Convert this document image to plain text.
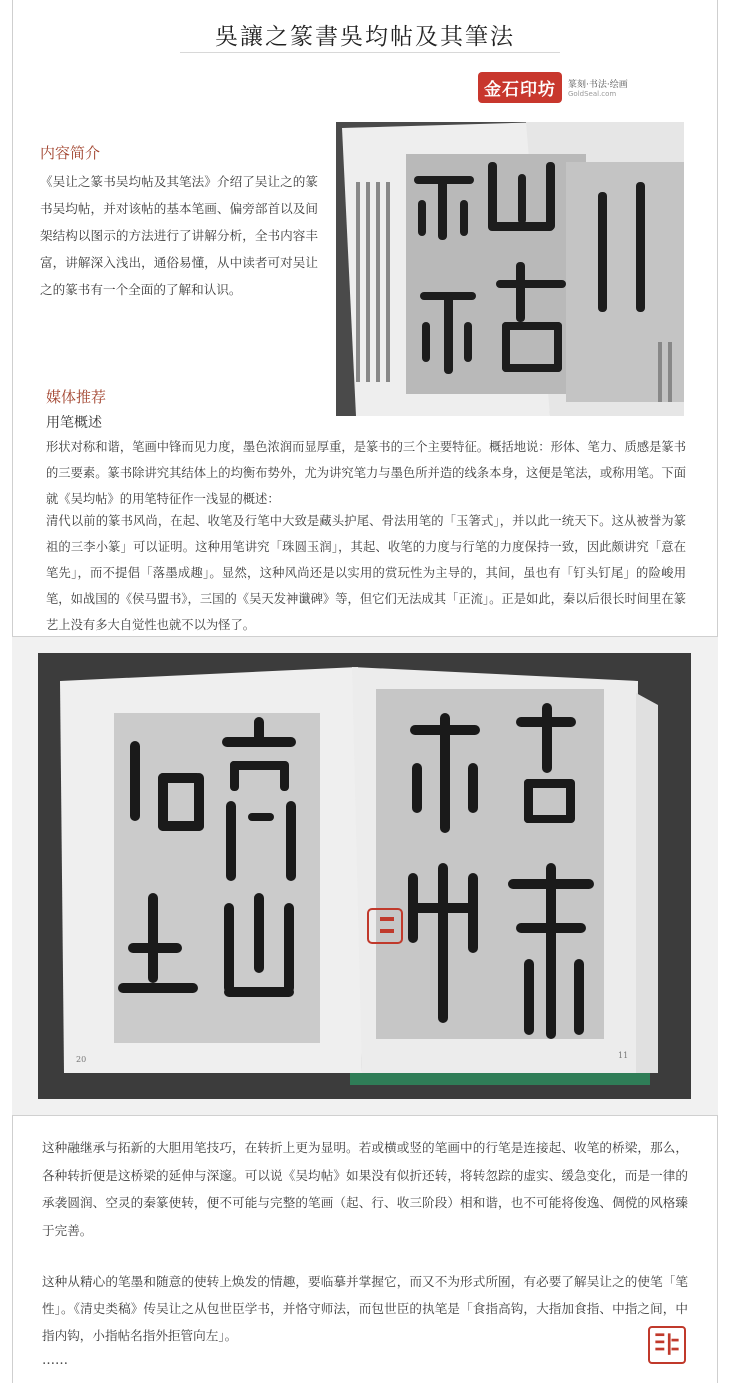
吳讓之篆書吳均帖及其筆法
金石印坊	篆刻·书法·绘画
GoldSeal.com
内容简介
《吴让之篆书吴均帖及其笔法》介绍了吴让之的篆书吴均帖，并对该帖的基本笔画、偏旁部首以及间架结构以图示的方法进行了讲解分析，全书内容丰富，讲解深入浅出，通俗易懂，从中读者可对吴让之的篆书有一个全面的了解和认识。
媒体推荐
用笔概述
形状对称和谐，笔画中锋而见力度，墨色浓润而显厚重，是篆书的三个主要特征。概括地说：形体、笔力、质感是篆书的三要素。篆书除讲究其结体上的均衡布势外，尤为讲究笔力与墨色所并造的线条本身，这便是笔法，或称用笔。下面就《吴均帖》的用笔特征作一浅显的概述：
清代以前的篆书风尚，在起、收笔及行笔中大致是藏头护尾、骨法用笔的「玉箸式」，并以此一统天下。这从被誉为篆祖的三李小篆」可以证明。这种用笔讲究「珠圆玉润」，其起、收笔的力度与行笔的力度保持一致，因此颇讲究「意在笔先」，而不提倡「落墨成趣」。显然，这种风尚还是以实用的赏玩性为主导的，其间，虽也有「钉头钉尾」的险峻用笔，如战国的《侯马盟书》，三国的《吴天发神谶碑》等，但它们无法成其「正流」。正是如此，秦以后很长时间里在篆艺上没有多大自觉性也就不以为怪了。
20	11
这种融继承与拓新的大胆用笔技巧，在转折上更为显明。若或横或竖的笔画中的行笔是连接起、收笔的桥梁，那么，各种转折便是这桥梁的延伸与深邃。可以说《吴均帖》如果没有似折还转，将转忽踪的虚实、缓急变化，而是一律的承袭圆润、空灵的秦篆使转，便不可能与完整的笔画（起、行、收三阶段）相和谐，也不可能将俊逸、倜傥的风格臻于完善。
这种从精心的笔墨和随意的使转上焕发的情趣，要临摹并掌握它，而又不为形式所囿，有必要了解吴让之的使笔「笔性」。《清史类稿》传吴让之从包世臣学书，并恪守师法，而包世臣的执笔是「食指高钩，大指加食指、中指之间，中指内钩，小指帖名指外拒管向左」。
……
